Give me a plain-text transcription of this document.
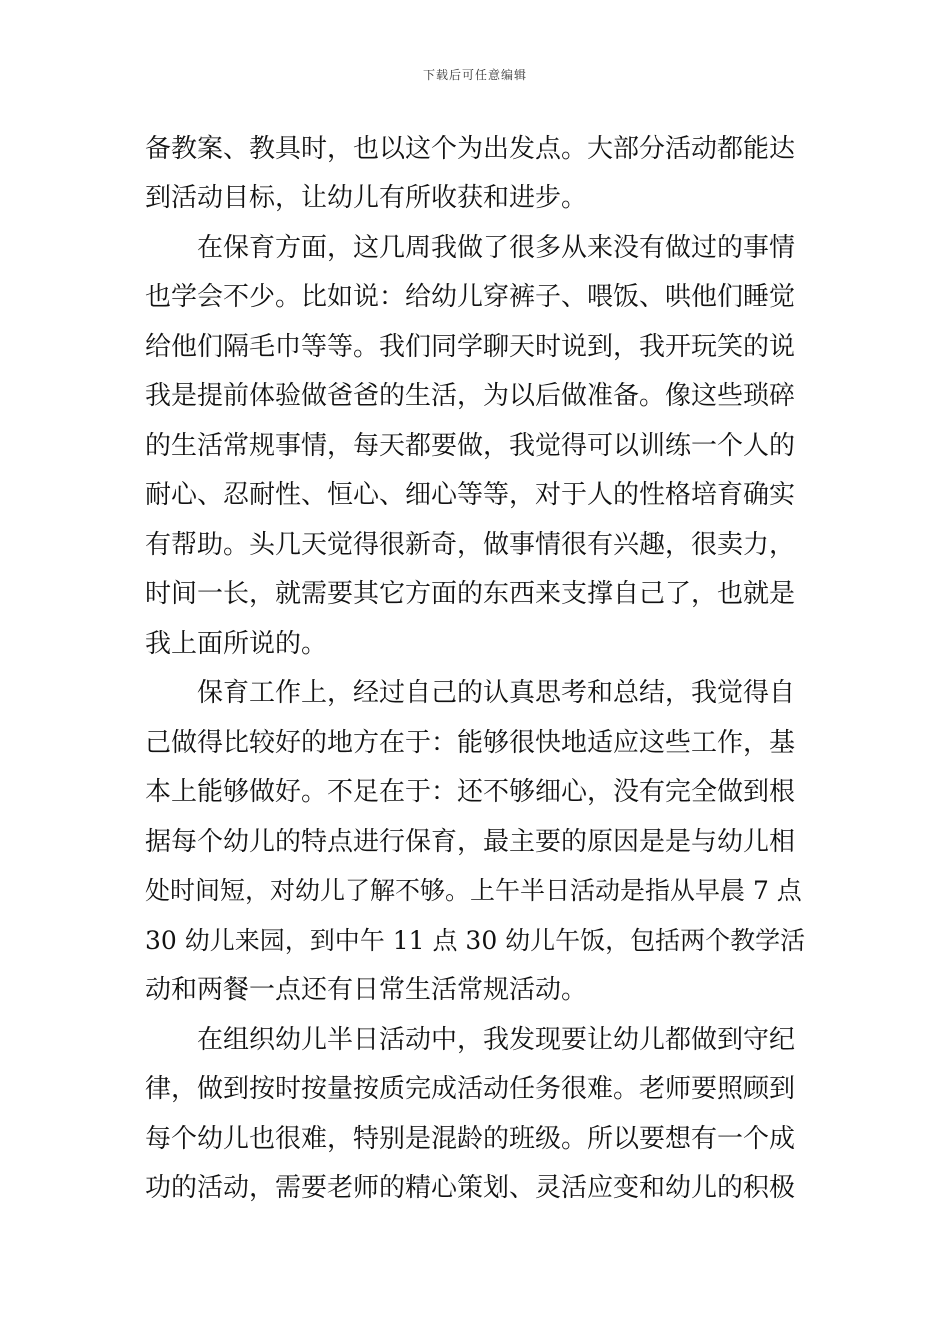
下载后可任意编辑
备教案、教具时，也以这个为出发点。大部分活动都能达
到活动目标，让幼儿有所收获和进步。
　　在保育方面，这几周我做了很多从来没有做过的事情
也学会不少。比如说：给幼儿穿裤子、喂饭、哄他们睡觉
给他们隔毛巾等等。我们同学聊天时说到，我开玩笑的说
我是提前体验做爸爸的生活，为以后做准备。像这些琐碎
的生活常规事情，每天都要做，我觉得可以训练一个人的
耐心、忍耐性、恒心、细心等等，对于人的性格培育确实
有帮助。头几天觉得很新奇，做事情很有兴趣，很卖力，
时间一长，就需要其它方面的东西来支撑自己了，也就是
我上面所说的。
　　保育工作上，经过自己的认真思考和总结，我觉得自
己做得比较好的地方在于：能够很快地适应这些工作，基
本上能够做好。不足在于：还不够细心，没有完全做到根
据每个幼儿的特点进行保育，最主要的原因是是与幼儿相
处时间短，对幼儿了解不够。上午半日活动是指从早晨 7 点
30 幼儿来园，到中午 11 点 30 幼儿午饭，包括两个教学活
动和两餐一点还有日常生活常规活动。
　　在组织幼儿半日活动中，我发现要让幼儿都做到守纪
律，做到按时按量按质完成活动任务很难。老师要照顾到
每个幼儿也很难，特别是混龄的班级。所以要想有一个成
功的活动，需要老师的精心策划、灵活应变和幼儿的积极
